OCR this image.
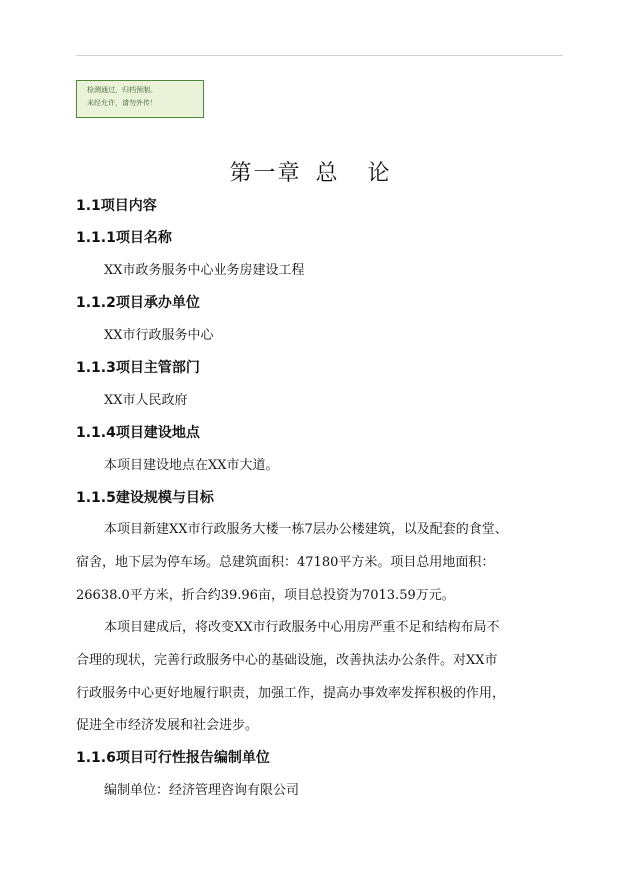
检测通过，归档预制。
未经允许，请勿外传！
第一章 总 论
1.1项目内容
1.1.1项目名称
XX市政务服务中心业务房建设工程
1.1.2项目承办单位
XX市行政服务中心
1.1.3项目主管部门
XX市人民政府
1.1.4项目建设地点
本项目建设地点在XX市大道。
1.1.5建设规模与目标
本项目新建XX市行政服务大楼一栋7层办公楼建筑，以及配套的食堂、
宿舍，地下层为停车场。总建筑面积：47180平方米。项目总用地面积：
26638.0平方米，折合约39.96亩，项目总投资为7013.59万元。
本项目建成后，将改变XX市行政服务中心用房严重不足和结构布局不
合理的现状，完善行政服务中心的基础设施，改善执法办公条件。对XX市
行政服务中心更好地履行职责，加强工作，提高办事效率发挥积极的作用，
促进全市经济发展和社会进步。
1.1.6项目可行性报告编制单位
编制单位：经济管理咨询有限公司
